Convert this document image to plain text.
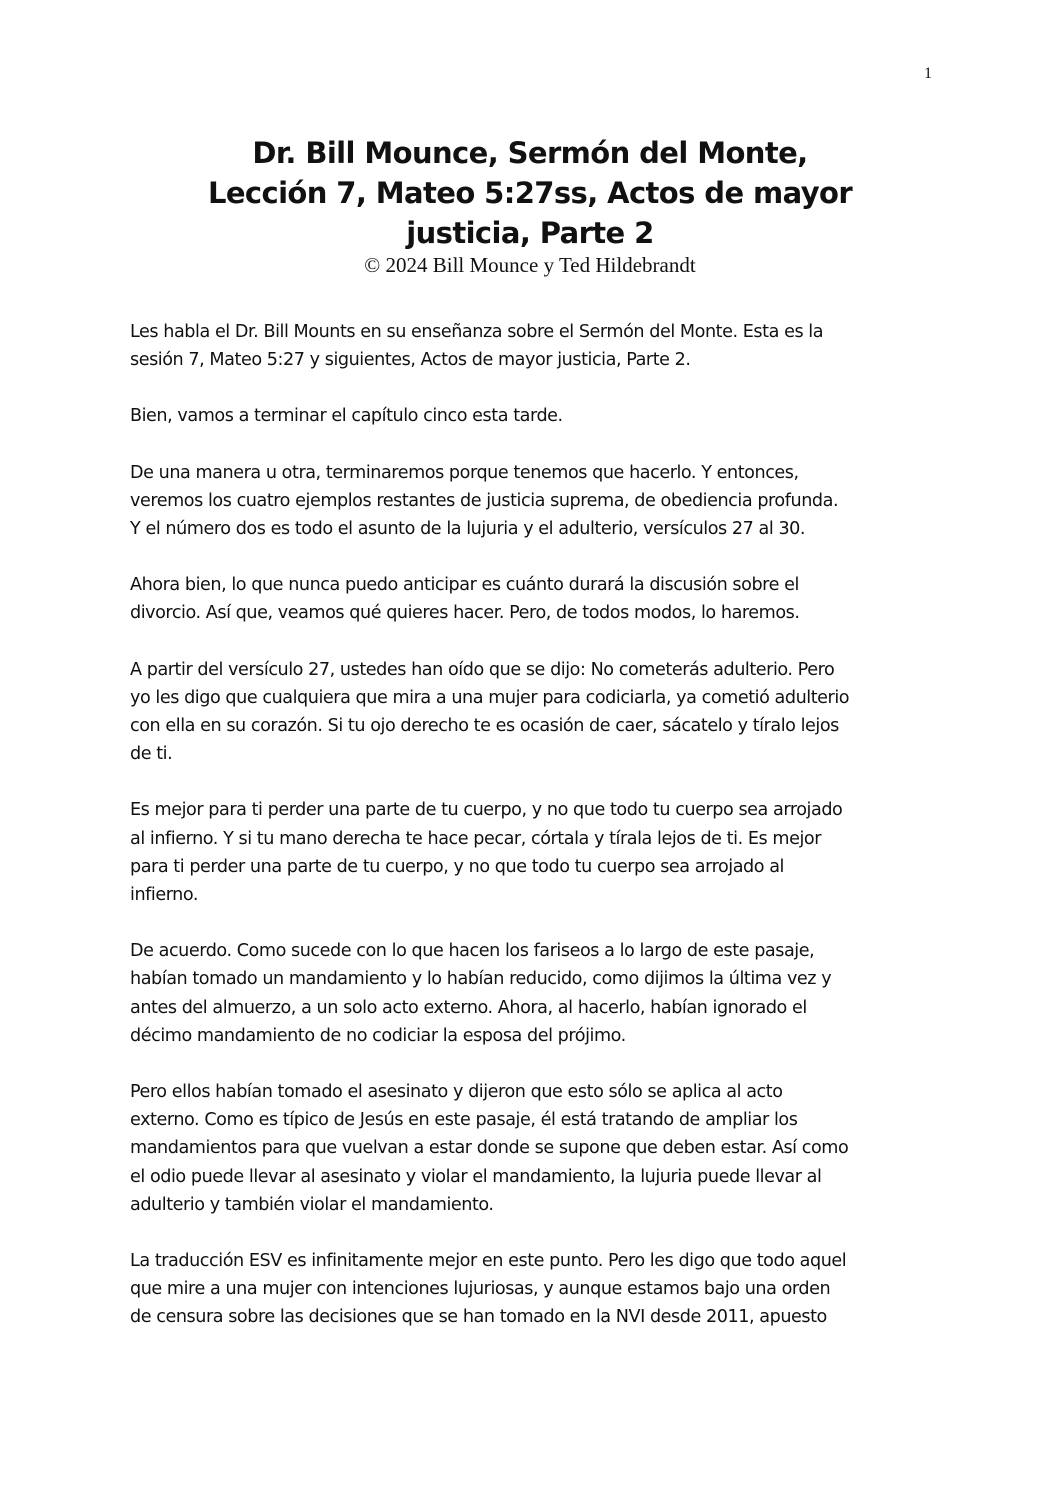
1
Dr. Bill Mounce, Sermón del Monte,
Lección 7, Mateo 5:27ss, Actos de mayor
justicia, Parte 2
© 2024 Bill Mounce y Ted Hildebrandt
Les habla el Dr. Bill Mounts en su enseñanza sobre el Sermón del Monte. Esta es la
sesión 7, Mateo 5:27 y siguientes, Actos de mayor justicia, Parte 2.
Bien, vamos a terminar el capítulo cinco esta tarde.
De una manera u otra, terminaremos porque tenemos que hacerlo. Y entonces,
veremos los cuatro ejemplos restantes de justicia suprema, de obediencia profunda.
Y el número dos es todo el asunto de la lujuria y el adulterio, versículos 27 al 30.
Ahora bien, lo que nunca puedo anticipar es cuánto durará la discusión sobre el
divorcio. Así que, veamos qué quieres hacer. Pero, de todos modos, lo haremos.
A partir del versículo 27, ustedes han oído que se dijo: No cometerás adulterio. Pero
yo les digo que cualquiera que mira a una mujer para codiciarla, ya cometió adulterio
con ella en su corazón. Si tu ojo derecho te es ocasión de caer, sácatelo y tíralo lejos
de ti.
Es mejor para ti perder una parte de tu cuerpo, y no que todo tu cuerpo sea arrojado
al infierno. Y si tu mano derecha te hace pecar, córtala y tírala lejos de ti. Es mejor
para ti perder una parte de tu cuerpo, y no que todo tu cuerpo sea arrojado al
infierno.
De acuerdo. Como sucede con lo que hacen los fariseos a lo largo de este pasaje,
habían tomado un mandamiento y lo habían reducido, como dijimos la última vez y
antes del almuerzo, a un solo acto externo. Ahora, al hacerlo, habían ignorado el
décimo mandamiento de no codiciar la esposa del prójimo.
Pero ellos habían tomado el asesinato y dijeron que esto sólo se aplica al acto
externo. Como es típico de Jesús en este pasaje, él está tratando de ampliar los
mandamientos para que vuelvan a estar donde se supone que deben estar. Así como
el odio puede llevar al asesinato y violar el mandamiento, la lujuria puede llevar al
adulterio y también violar el mandamiento.
La traducción ESV es infinitamente mejor en este punto. Pero les digo que todo aquel
que mire a una mujer con intenciones lujuriosas, y aunque estamos bajo una orden
de censura sobre las decisiones que se han tomado en la NVI desde 2011, apuesto
